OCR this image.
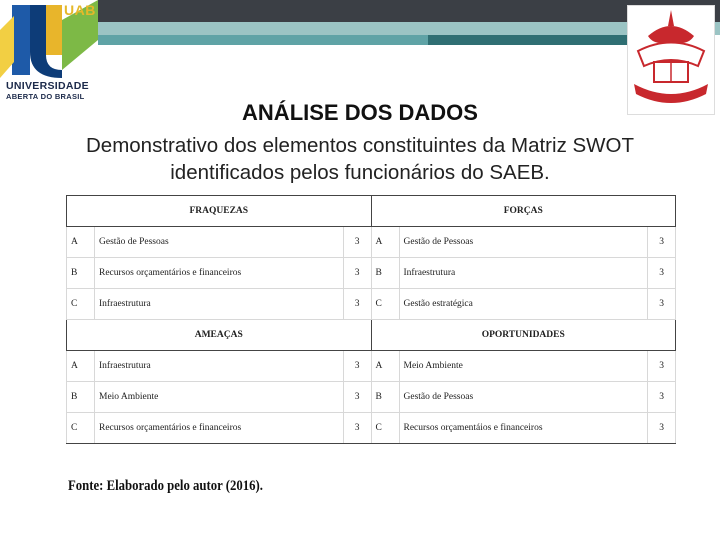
UAB
UNIVERSIDADE
ABERTA DO BRASIL
ANÁLISE DOS DADOS
Demonstrativo dos elementos constituintes da Matriz SWOT identificados pelos funcionários do SAEB.
FRAQUEZAS			FORÇAS		
A	Gestão de Pessoas	3	A	Gestão de Pessoas	3
B	Recursos orçamentários e financeiros	3	B	Infraestrutura	3
C	Infraestrutura	3	C	Gestão estratégica	3
AMEAÇAS			OPORTUNIDADES		
A	Infraestrutura	3	A	Meio Ambiente	3
B	Meio Ambiente	3	B	Gestão de Pessoas	3
C	Recursos orçamentários e financeiros	3	C	Recursos orçamentáios e financeiros	3
Fonte: Elaborado pelo autor (2016).
